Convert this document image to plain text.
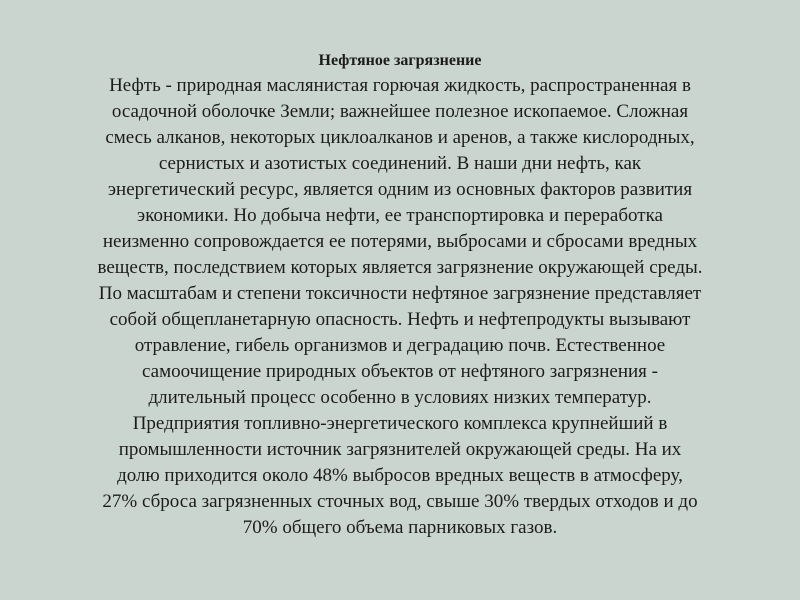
Нефтяное загрязнение
Нефть - природная маслянистая горючая жидкость, распространенная в
осадочной оболочке Земли; важнейшее полезное ископаемое. Сложная
смесь алканов, некоторых циклоалканов и аренов, а также кислородных,
сернистых и азотистых соединений. В наши дни нефть, как
энергетический ресурс, является одним из основных факторов развития
экономики. Но добыча нефти, ее транспортировка и переработка
неизменно сопровождается ее потерями, выбросами и сбросами вредных
веществ, последствием которых является загрязнение окружающей среды.
По масштабам и степени токсичности нефтяное загрязнение представляет
собой общепланетарную опасность. Нефть и нефтепродукты вызывают
отравление, гибель организмов и деградацию почв. Естественное
самоочищение природных объектов от нефтяного загрязнения -
длительный процесс особенно в условиях низких температур.
Предприятия топливно-энергетического комплекса крупнейший в
промышленности источник загрязнителей окружающей среды. На их
долю приходится около 48% выбросов вредных веществ в атмосферу,
27% сброса загрязненных сточных вод, свыше 30% твердых отходов и до
70% общего объема парниковых газов.
